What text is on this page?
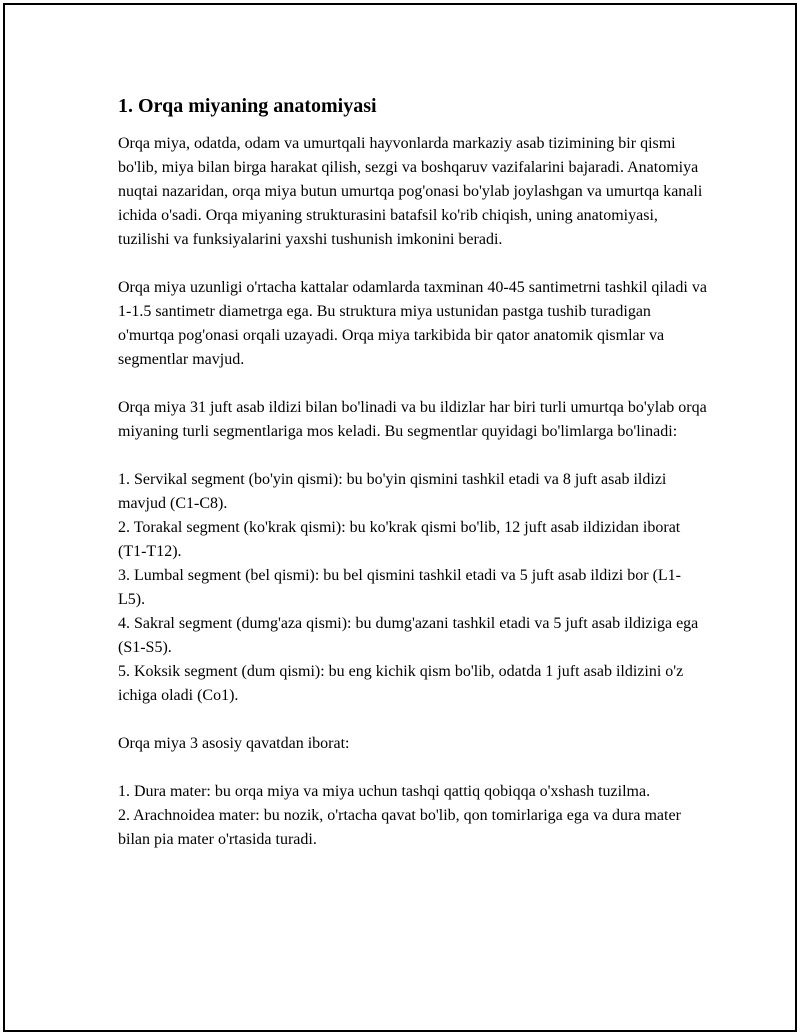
1. Orqa miyaning anatomiyasi

Orqa miya, odatda, odam va umurtqali hayvonlarda markaziy asab tizimining bir qismi bo'lib, miya bilan birga harakat qilish, sezgi va boshqaruv vazifalarini bajaradi. Anatomiya nuqtai nazaridan, orqa miya butun umurtqa pog'onasi bo'ylab joylashgan va umurtqa kanali ichida o'sadi. Orqa miyaning strukturasini batafsil ko'rib chiqish, uning anatomiyasi, tuzilishi va funksiyalarini yaxshi tushunish imkonini beradi.

Orqa miya uzunligi o'rtacha kattalar odamlarda taxminan 40-45 santimetrni tashkil qiladi va 1-1.5 santimetr diametrga ega. Bu struktura miya ustunidan pastga tushib turadigan o'murtqa pog'onasi orqali uzayadi. Orqa miya tarkibida bir qator anatomik qismlar va segmentlar mavjud.

Orqa miya 31 juft asab ildizi bilan bo'linadi va bu ildizlar har biri turli umurtqa bo'ylab orqa miyaning turli segmentlariga mos keladi. Bu segmentlar quyidagi bo'limlarga bo'linadi:

1. Servikal segment (bo'yin qismi): bu bo'yin qismini tashkil etadi va 8 juft asab ildizi mavjud (C1-C8).
2. Torakal segment (ko'krak qismi): bu ko'krak qismi bo'lib, 12 juft asab ildizidan iborat (T1-T12).
3. Lumbal segment (bel qismi): bu bel qismini tashkil etadi va 5 juft asab ildizi bor (L1-L5).
4. Sakral segment (dumg'aza qismi): bu dumg'azani tashkil etadi va 5 juft asab ildiziga ega (S1-S5).
5. Koksik segment (dum qismi): bu eng kichik qism bo'lib, odatda 1 juft asab ildizini o'z ichiga oladi (Co1).

Orqa miya 3 asosiy qavatdan iborat:

1. Dura mater: bu orqa miya va miya uchun tashqi qattiq qobiqqa o'xshash tuzilma.
2. Arachnoidea mater: bu nozik, o'rtacha qavat bo'lib, qon tomirlariga ega va dura mater bilan pia mater o'rtasida turadi.
